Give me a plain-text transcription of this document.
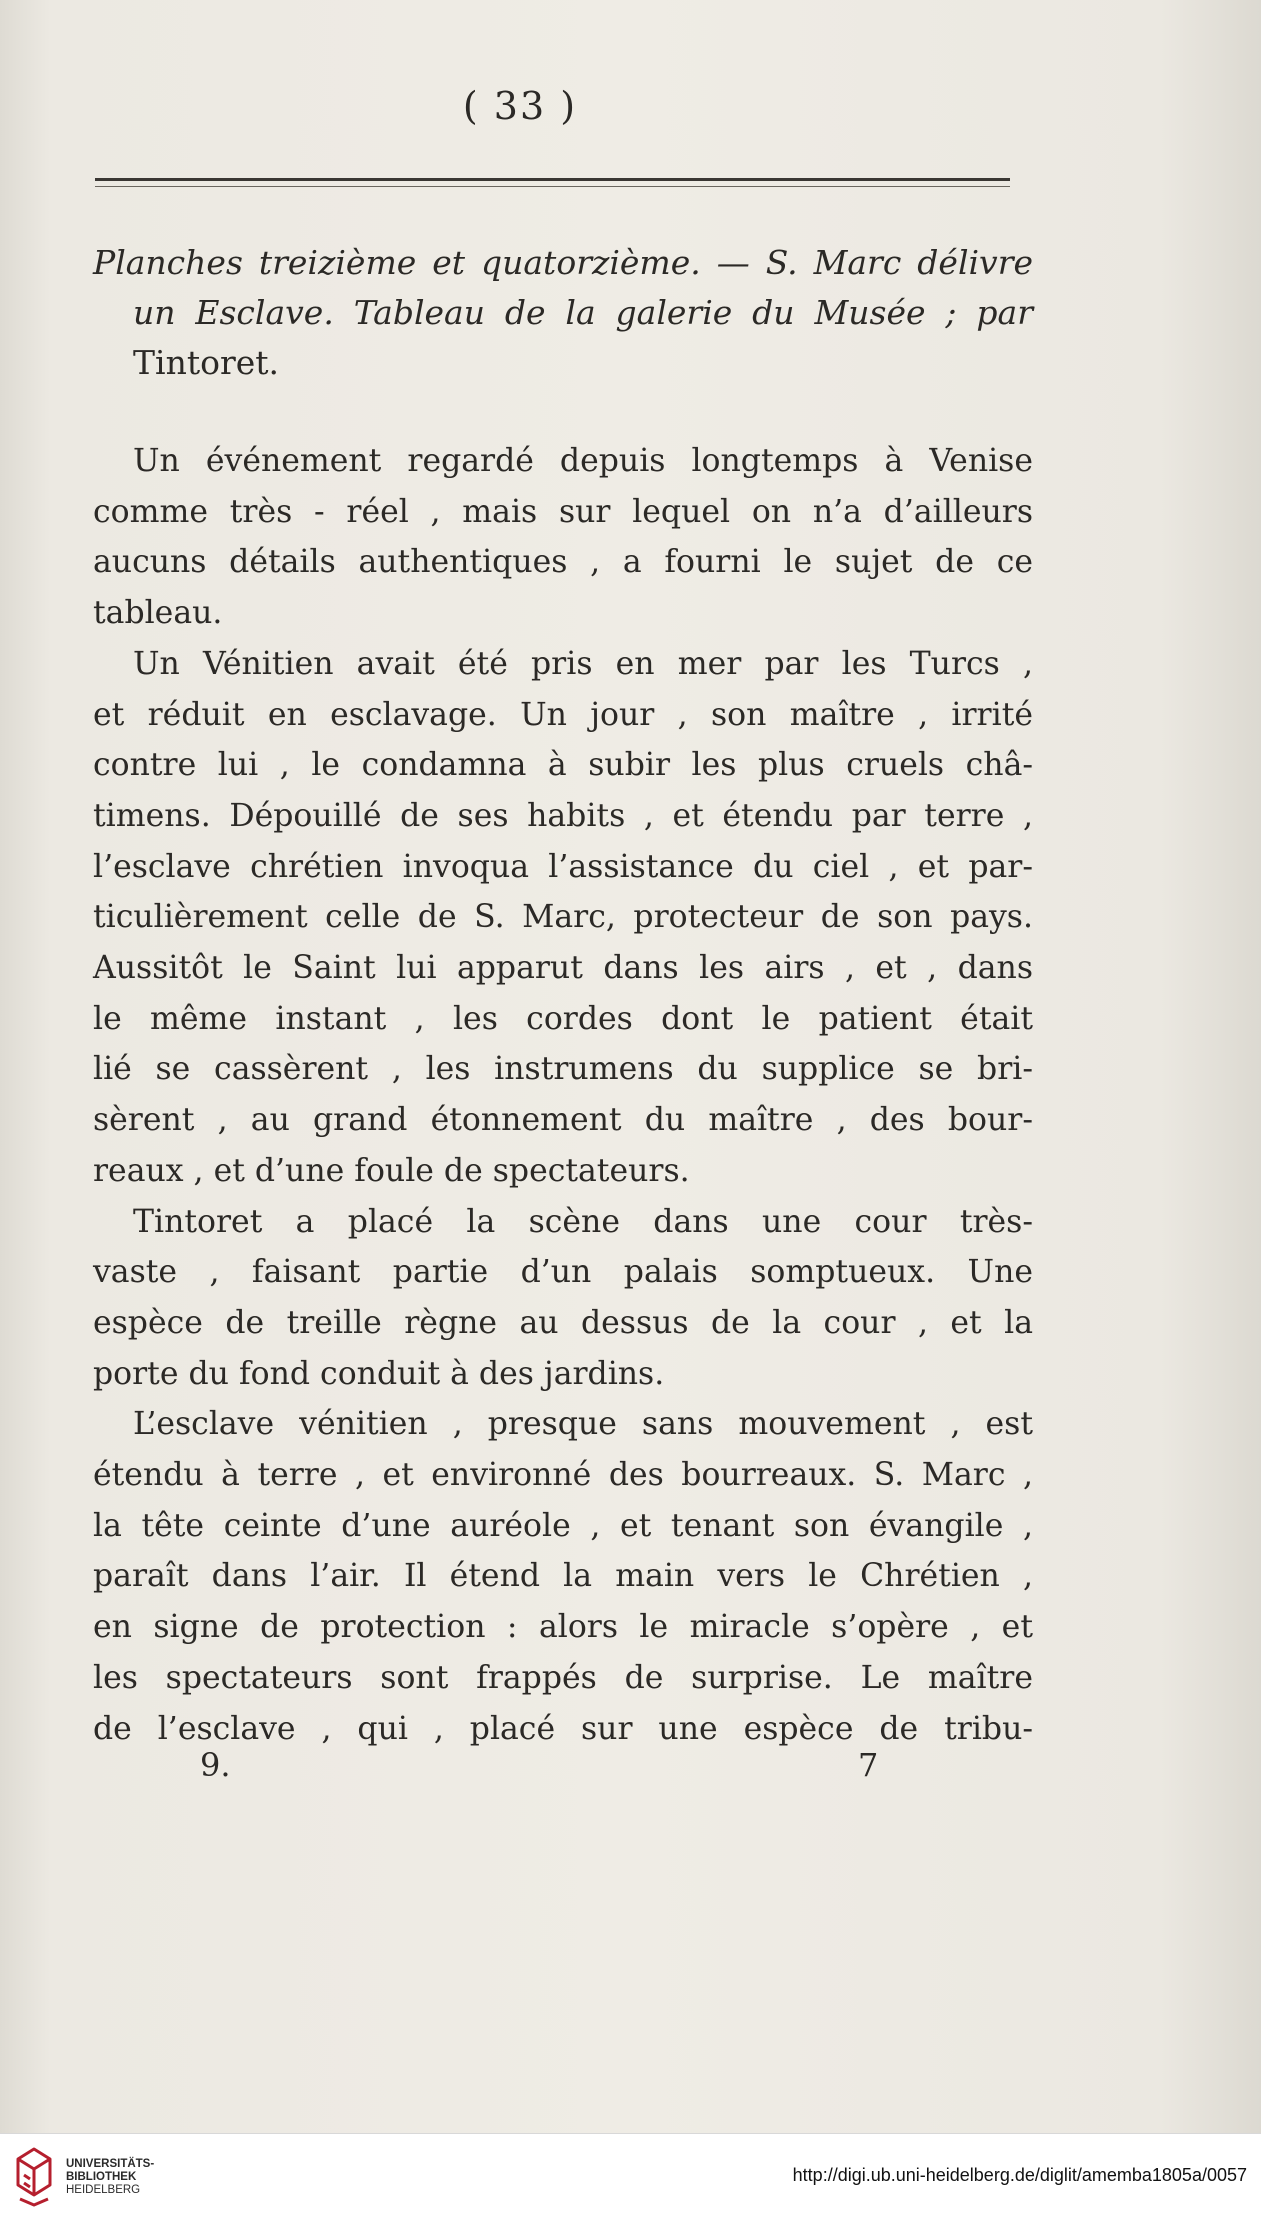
( 33 )
Planches treizième et quatorzième. — S. Marc délivre
un Esclave. Tableau de la galerie du Musée ; par
Tintoret.
Un événement regardé depuis longtemps à Venise
comme très - réel , mais sur lequel on n’a d’ailleurs
aucuns détails authentiques , a fourni le sujet de ce
tableau.
Un Vénitien avait été pris en mer par les Turcs ,
et réduit en esclavage. Un jour , son maître , irrité
contre lui , le condamna à subir les plus cruels châ-
timens. Dépouillé de ses habits , et étendu par terre ,
l’esclave chrétien invoqua l’assistance du ciel , et par-
ticulièrement celle de S. Marc, protecteur de son pays.
Aussitôt le Saint lui apparut dans les airs , et , dans
le même instant , les cordes dont le patient était
lié se cassèrent , les instrumens du supplice se bri-
sèrent , au grand étonnement du maître , des bour-
reaux , et d’une foule de spectateurs.
Tintoret a placé la scène dans une cour très-
vaste , faisant partie d’un palais somptueux. Une
espèce de treille règne au dessus de la cour , et la
porte du fond conduit à des jardins.
L’esclave vénitien , presque sans mouvement , est
étendu à terre , et environné des bourreaux. S. Marc ,
la tête ceinte d’une auréole , et tenant son évangile ,
paraît dans l’air. Il étend la main vers le Chrétien ,
en signe de protection : alors le miracle s’opère , et
les spectateurs sont frappés de surprise. Le maître
de l’esclave , qui , placé sur une espèce de tribu-
9.	7
UNIVERSITÄTS-
BIBLIOTHEK
HEIDELBERG
http://digi.ub.uni-heidelberg.de/diglit/amemba1805a/0057
